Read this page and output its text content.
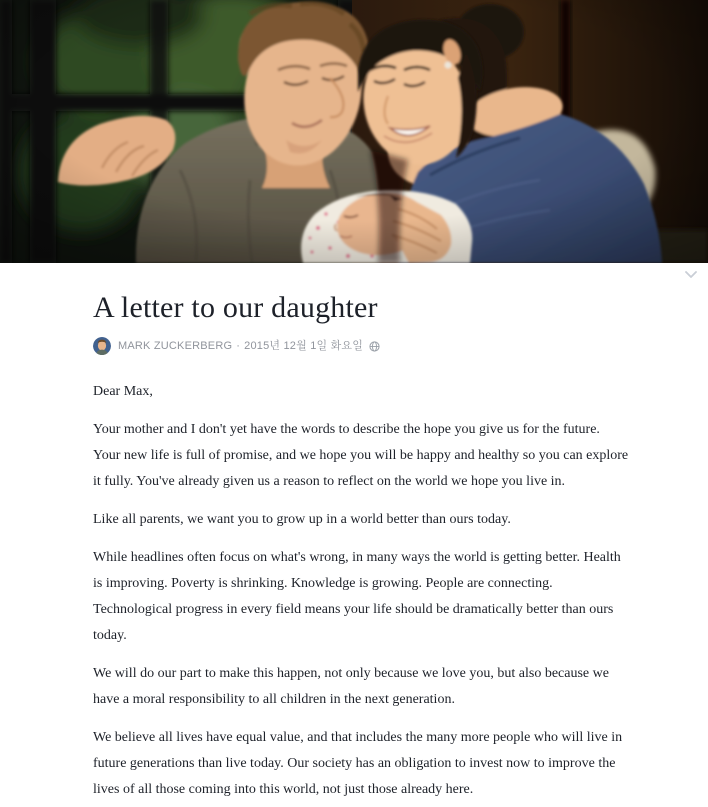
A letter to our daughter
MARK ZUCKERBERG · 2015년 12월 1일 화요일

Dear Max,

Your mother and I don't yet have the words to describe the hope you give us for the future. Your new life is full of promise, and we hope you will be happy and healthy so you can explore it fully. You've already given us a reason to reflect on the world we hope you live in.

Like all parents, we want you to grow up in a world better than ours today.

While headlines often focus on what's wrong, in many ways the world is getting better. Health is improving. Poverty is shrinking. Knowledge is growing. People are connecting. Technological progress in every field means your life should be dramatically better than ours today.

We will do our part to make this happen, not only because we love you, but also because we have a moral responsibility to all children in the next generation.

We believe all lives have equal value, and that includes the many more people who will live in future generations than live today. Our society has an obligation to invest now to improve the lives of all those coming into this world, not just those already here.
